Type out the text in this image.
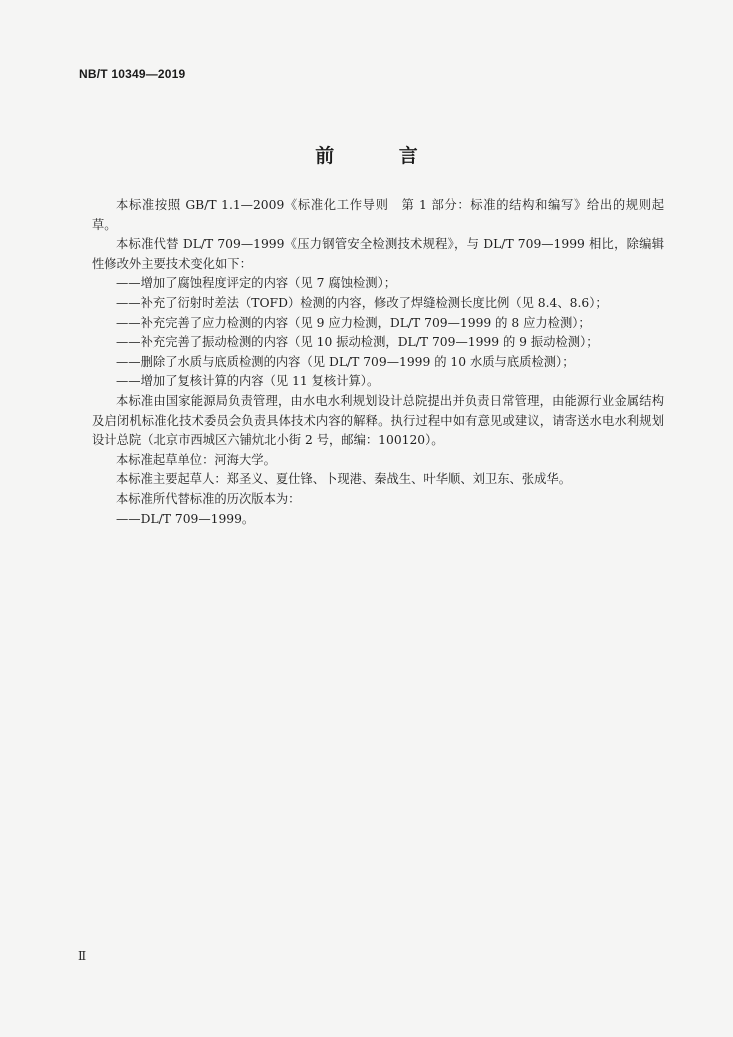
NB/T 10349—2019
前 言

本标准按照 GB/T 1.1—2009《标准化工作导则　第 1 部分：标准的结构和编写》给出的规则起草。

本标准代替 DL/T 709—1999《压力钢管安全检测技术规程》，与 DL/T 709—1999 相比，除编辑性修改外主要技术变化如下：

——增加了腐蚀程度评定的内容（见 7 腐蚀检测）；

——补充了衍射时差法（TOFD）检测的内容，修改了焊缝检测长度比例（见 8.4、8.6）；

——补充完善了应力检测的内容（见 9 应力检测，DL/T 709—1999 的 8 应力检测）；

——补充完善了振动检测的内容（见 10 振动检测，DL/T 709—1999 的 9 振动检测）；

——删除了水质与底质检测的内容（见 DL/T 709—1999 的 10 水质与底质检测）；

——增加了复核计算的内容（见 11 复核计算）。

本标准由国家能源局负责管理，由水电水利规划设计总院提出并负责日常管理，由能源行业金属结构及启闭机标准化技术委员会负责具体技术内容的解释。执行过程中如有意见或建议，请寄送水电水利规划设计总院（北京市西城区六铺炕北小街 2 号，邮编：100120）。

本标准起草单位：河海大学。

本标准主要起草人：郑圣义、夏仕锋、卜现港、秦战生、叶华顺、刘卫东、张成华。

本标准所代替标准的历次版本为：

——DL/T 709—1999。

Ⅱ
